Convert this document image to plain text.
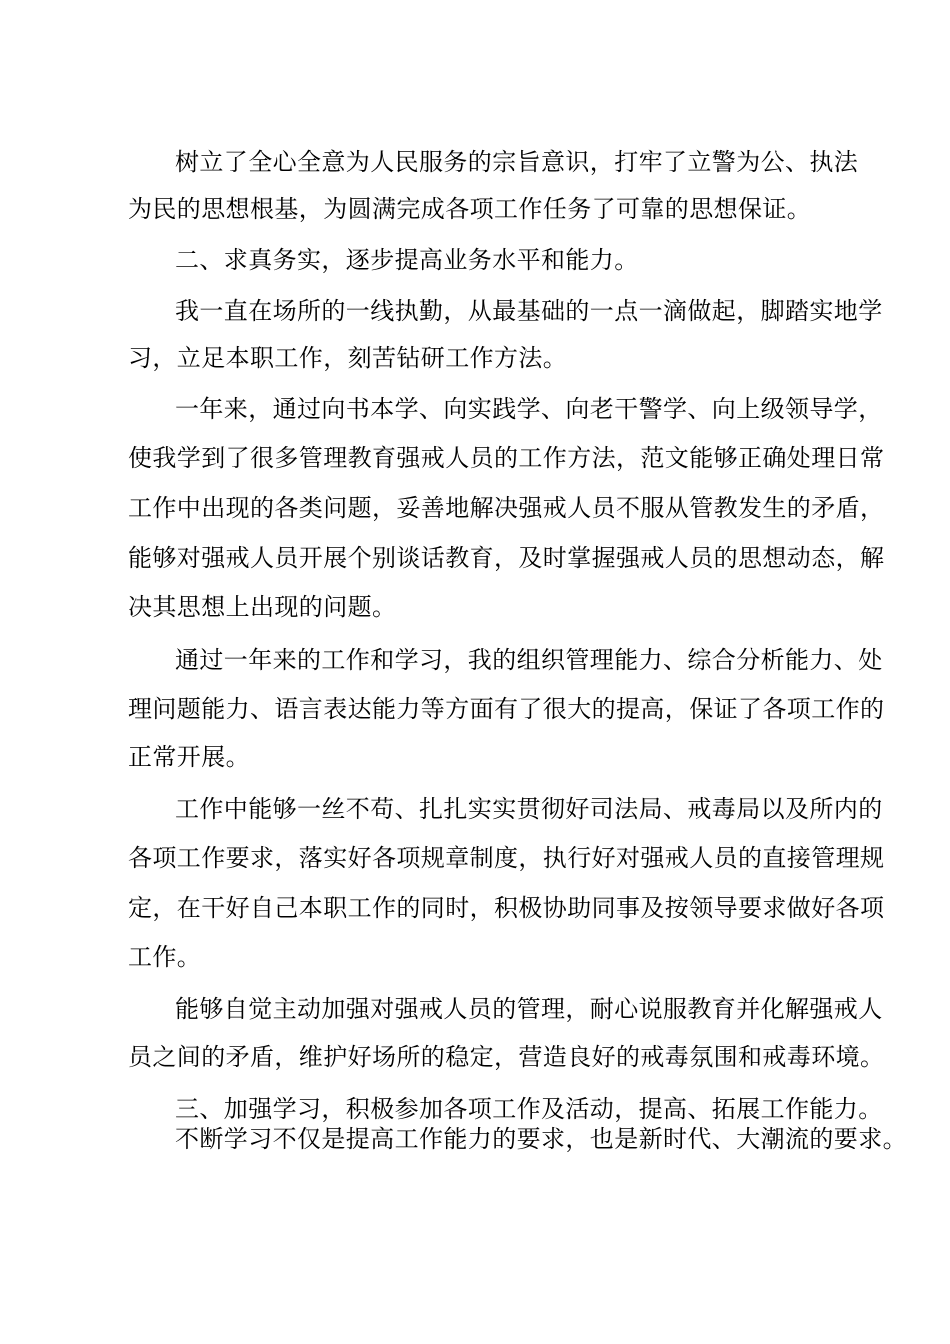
树立了全心全意为人民服务的宗旨意识，打牢了立警为公、执法
为民的思想根基，为圆满完成各项工作任务了可靠的思想保证。
二、求真务实，逐步提高业务水平和能力。
我一直在场所的一线执勤，从最基础的一点一滴做起，脚踏实地学
习，立足本职工作，刻苦钻研工作方法。
一年来，通过向书本学、向实践学、向老干警学、向上级领导学，
使我学到了很多管理教育强戒人员的工作方法，范文能够正确处理日常
工作中出现的各类问题，妥善地解决强戒人员不服从管教发生的矛盾，
能够对强戒人员开展个别谈话教育，及时掌握强戒人员的思想动态，解
决其思想上出现的问题。
通过一年来的工作和学习，我的组织管理能力、综合分析能力、处
理问题能力、语言表达能力等方面有了很大的提高，保证了各项工作的
正常开展。
工作中能够一丝不苟、扎扎实实贯彻好司法局、戒毒局以及所内的
各项工作要求，落实好各项规章制度，执行好对强戒人员的直接管理规
定，在干好自己本职工作的同时，积极协助同事及按领导要求做好各项
工作。
能够自觉主动加强对强戒人员的管理，耐心说服教育并化解强戒人
员之间的矛盾，维护好场所的稳定，营造良好的戒毒氛围和戒毒环境。
三、加强学习，积极参加各项工作及活动，提高、拓展工作能力。
不断学习不仅是提高工作能力的要求，也是新时代、大潮流的要求。
